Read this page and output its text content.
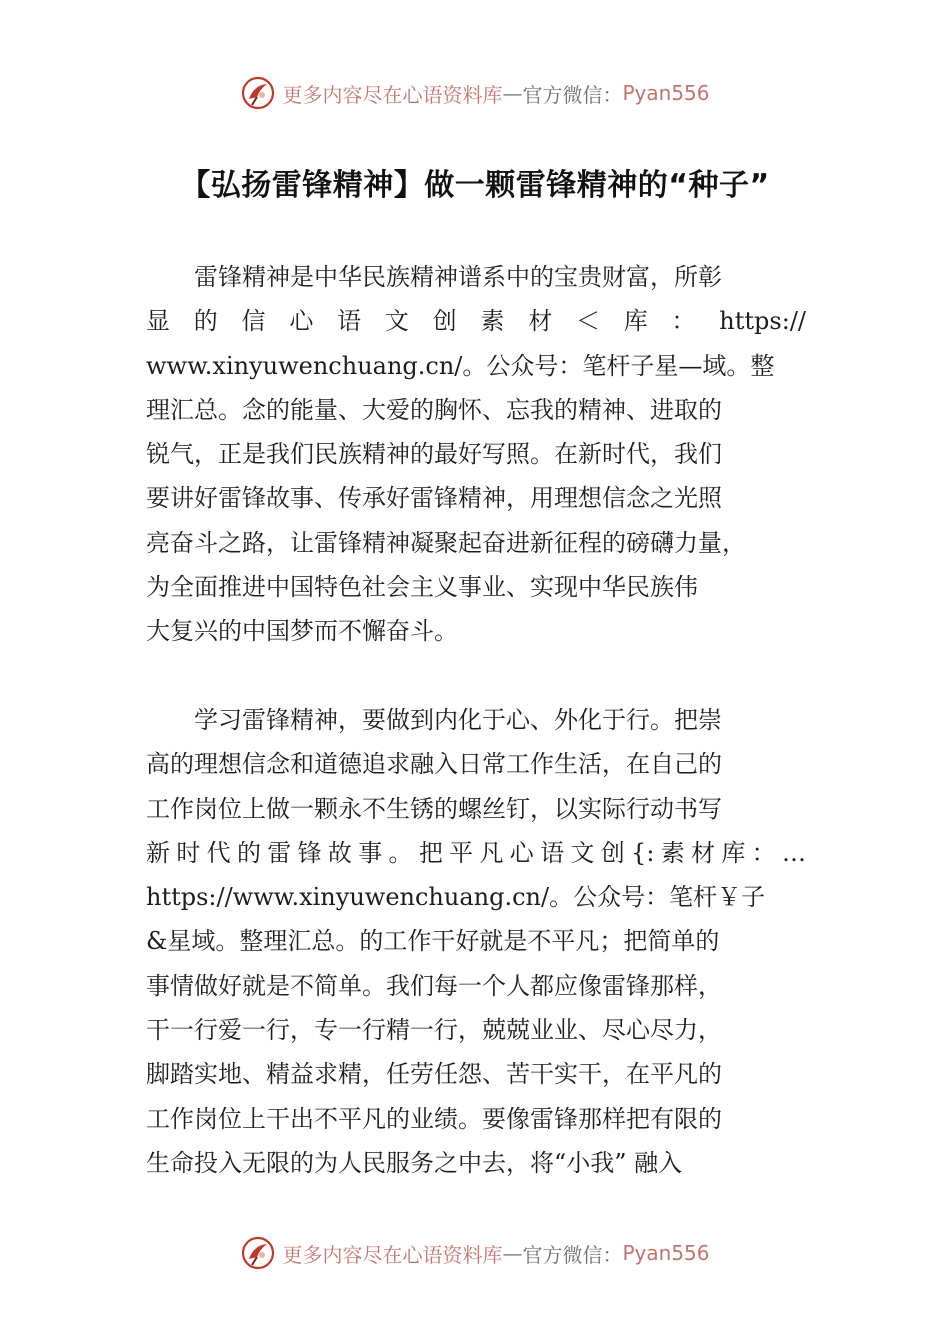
更多内容尽在心语资料库 — 官方微信： Pyan556
【弘扬雷锋精神】做一颗雷锋精神的“种子”
　　雷锋精神是中华民族精神谱系中的宝贵财富，所彰
显的信心语文创素材＜库：https://
www.xinyuwenchuang.cn/。公众号：笔杆子星—域。整
理汇总。念的能量、大爱的胸怀、忘我的精神、进取的
锐气，正是我们民族精神的最好写照。在新时代，我们
要讲好雷锋故事、传承好雷锋精神，用理想信念之光照
亮奋斗之路，让雷锋精神凝聚起奋进新征程的磅礴力量，
为全面推进中国特色社会主义事业、实现中华民族伟
大复兴的中国梦而不懈奋斗。
　　学习雷锋精神，要做到内化于心、外化于行。把崇
高的理想信念和道德追求融入日常工作生活，在自己的
工作岗位上做一颗永不生锈的螺丝钉，以实际行动书写
新时代的雷锋故事。把平凡心语文创{:素材库：…
https://www.xinyuwenchuang.cn/。公众号：笔杆￥子
&星域。整理汇总。的工作干好就是不平凡；把简单的
事情做好就是不简单。我们每一个人都应像雷锋那样，
干一行爱一行，专一行精一行，兢兢业业、尽心尽力，
脚踏实地、精益求精，任劳任怨、苦干实干，在平凡的
工作岗位上干出不平凡的业绩。要像雷锋那样把有限的
生命投入无限的为人民服务之中去，将“小我” 融入
更多内容尽在心语资料库 — 官方微信： Pyan556
